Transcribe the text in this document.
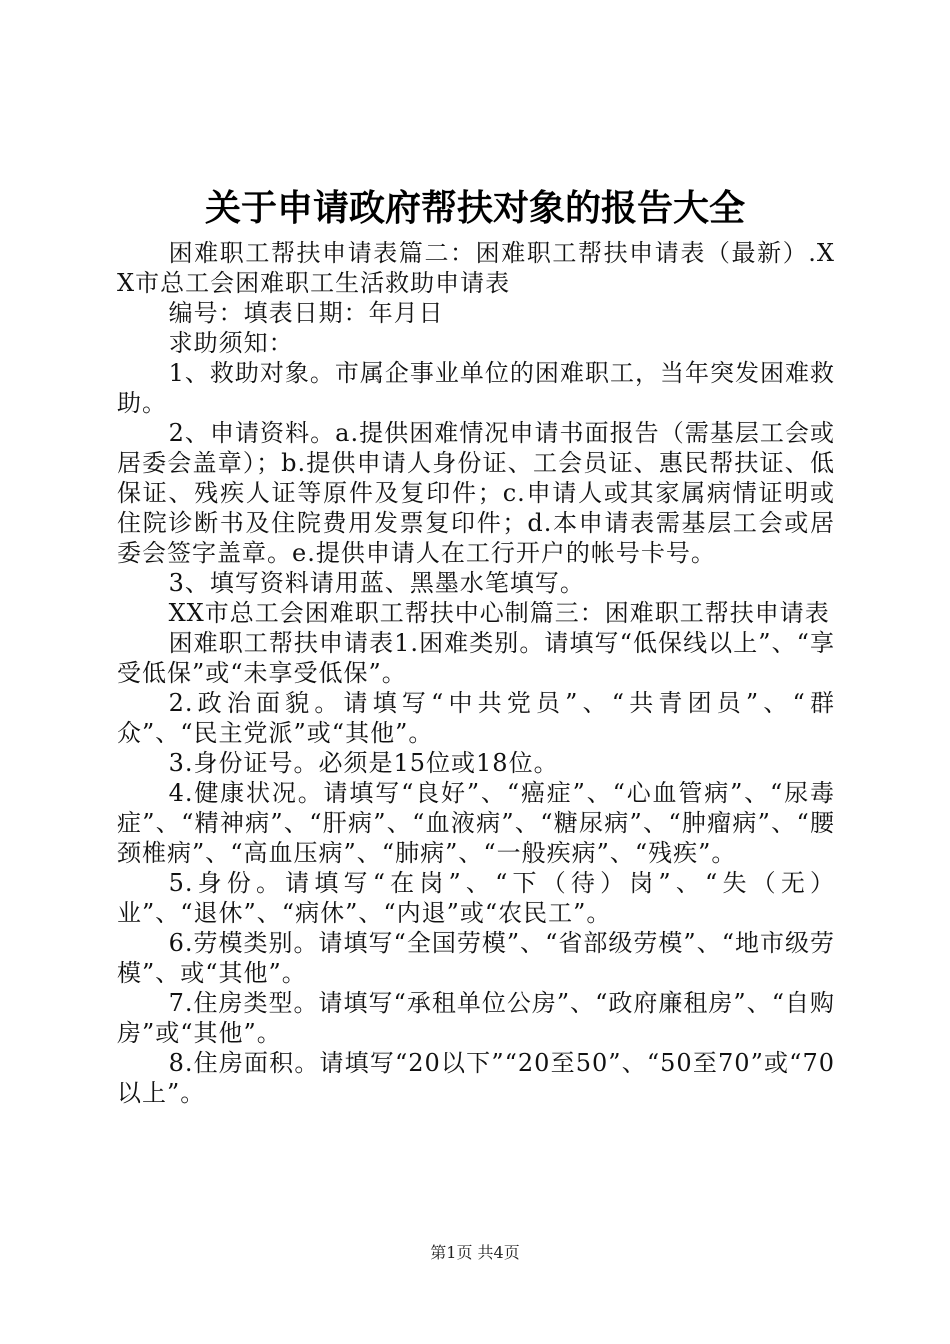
关于申请政府帮扶对象的报告大全

困难职工帮扶申请表篇二：困难职工帮扶申请表（最新）.XX市总工会困难职工生活救助申请表

编号：填表日期：年月日

求助须知：

1、救助对象。市属企事业单位的困难职工，当年突发困难救助。

2、申请资料。a.提供困难情况申请书面报告（需基层工会或居委会盖章）；b.提供申请人身份证、工会员证、惠民帮扶证、低保证、残疾人证等原件及复印件；c.申请人或其家属病情证明或住院诊断书及住院费用发票复印件；d.本申请表需基层工会或居委会签字盖章。e.提供申请人在工行开户的帐号卡号。

3、填写资料请用蓝、黑墨水笔填写。

XX市总工会困难职工帮扶中心制篇三：困难职工帮扶申请表

困难职工帮扶申请表1.困难类别。请填写“低保线以上”、“享受低保”或“未享受低保”。

2.政治面貌。请填写“中共党员”、“共青团员”、“群众”、“民主党派”或“其他”。

3.身份证号。必须是15位或18位。

4.健康状况。请填写“良好”、“癌症”、“心血管病”、“尿毒症”、“精神病”、“肝病”、“血液病”、“糖尿病”、“肿瘤病”、“腰颈椎病”、“高血压病”、“肺病”、“一般疾病”、“残疾”。

5.身份。请填写“在岗”、“下（待）岗”、“失（无）业”、“退休”、“病休”、“内退”或“农民工”。

6.劳模类别。请填写“全国劳模”、“省部级劳模”、“地市级劳模”、或“其他”。

7.住房类型。请填写“承租单位公房”、“政府廉租房”、“自购房”或“其他”。

8.住房面积。请填写“20以下”“20至50”、“50至70”或“70以上”。

第1页 共4页
